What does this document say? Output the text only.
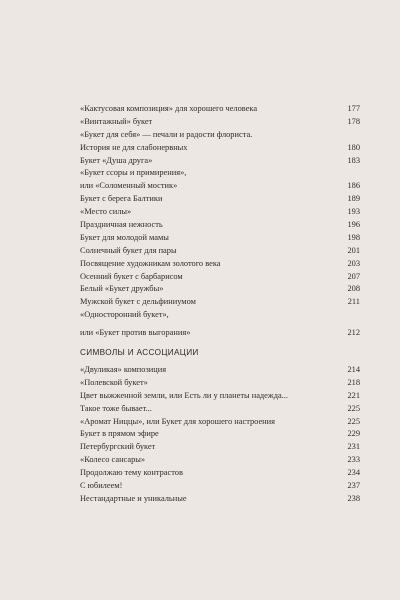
«Кактусовая композиция» для хорошего человека	177
«Винтажный» букет	178
«Букет для себя» — печали и радости флориста.
История не для слабонервных	180
Букет «Душа друга»	183
«Букет ссоры и примирения»,
или «Соломенный мостик»	186
Букет с берега Балтики	189
«Место силы»	193
Праздничная нежность	196
Букет для молодой мамы	198
Солнечный букет для пары	201
Посвящение художникам золотого века	203
Осенний букет с барбарисом	207
Белый «Букет дружбы»	208
Мужской букет с дельфиниумом	211
«Односторонний букет»,
или «Букет против выгорания»	212
СИМВОЛЫ И АССОЦИАЦИИ
«Двуликая» композиция	214
«Полевской букет»	218
Цвет выжженной земли, или Есть ли у планеты надежда...	221
Такое тоже бывает...	225
«Аромат Ниццы», или Букет для хорошего настроения	225
Букет в прямом эфире	229
Петербургский букет	231
«Колесо сансары»	233
Продолжаю тему контрастов	234
С юбилеем!	237
Нестандартные и уникальные	238
